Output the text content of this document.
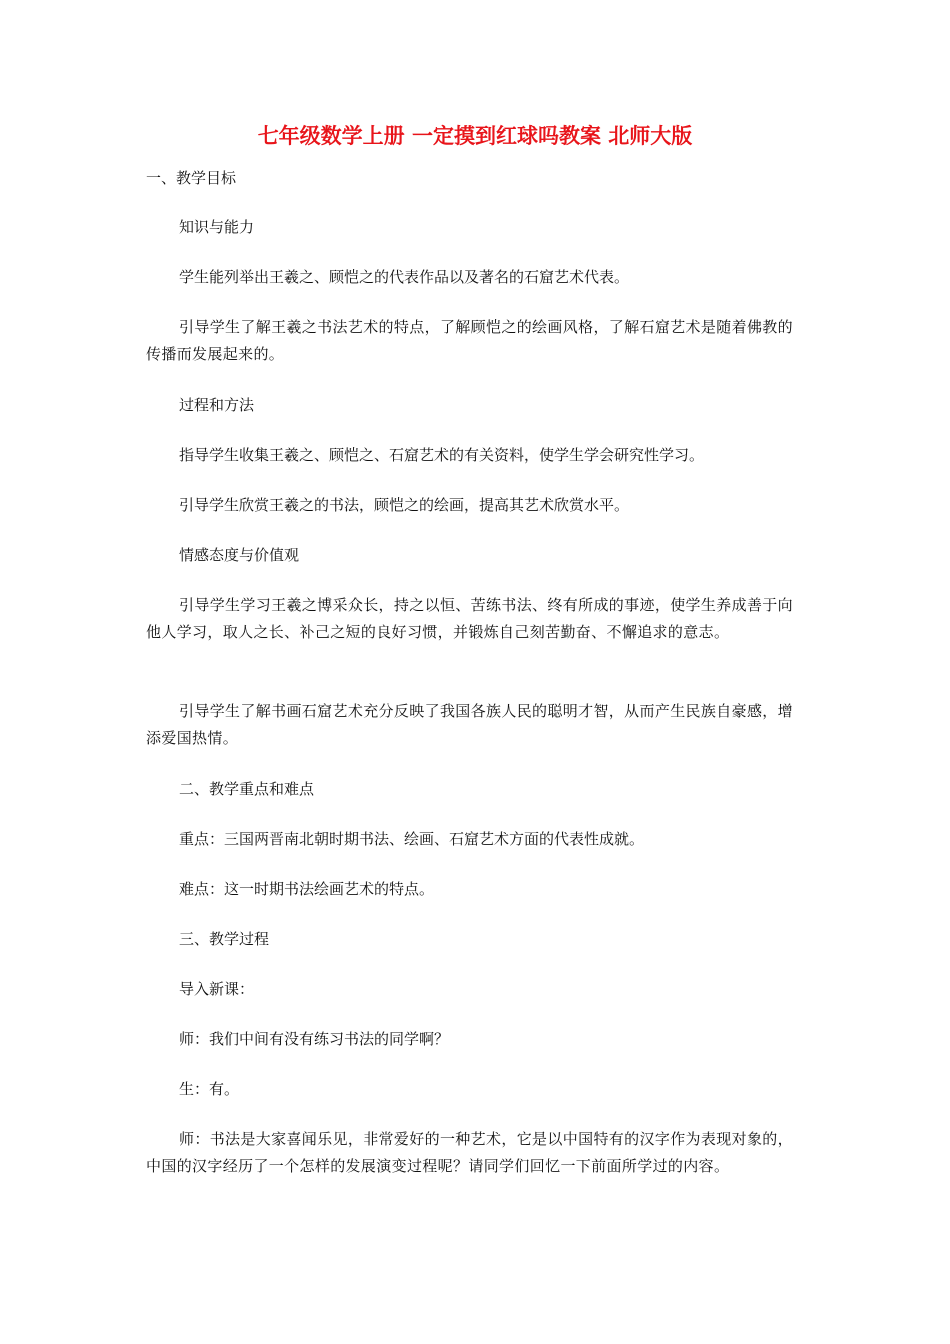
七年级数学上册 一定摸到红球吗教案 北师大版

一、教学目标

知识与能力

学生能列举出王羲之、顾恺之的代表作品以及著名的石窟艺术代表。

引导学生了解王羲之书法艺术的特点，了解顾恺之的绘画风格，了解石窟艺术是随着佛教的传播而发展起来的。

过程和方法

指导学生收集王羲之、顾恺之、石窟艺术的有关资料，使学生学会研究性学习。

引导学生欣赏王羲之的书法，顾恺之的绘画，提高其艺术欣赏水平。

情感态度与价值观

引导学生学习王羲之博采众长，持之以恒、苦练书法、终有所成的事迹，使学生养成善于向他人学习，取人之长、补己之短的良好习惯，并锻炼自己刻苦勤奋、不懈追求的意志。

引导学生了解书画石窟艺术充分反映了我国各族人民的聪明才智，从而产生民族自豪感，增添爱国热情。

二、教学重点和难点

重点：三国两晋南北朝时期书法、绘画、石窟艺术方面的代表性成就。

难点：这一时期书法绘画艺术的特点。

三、教学过程

导入新课：

师：我们中间有没有练习书法的同学啊？

生：有。

师：书法是大家喜闻乐见，非常爱好的一种艺术，它是以中国特有的汉字作为表现对象的，中国的汉字经历了一个怎样的发展演变过程呢？请同学们回忆一下前面所学过的内容。
